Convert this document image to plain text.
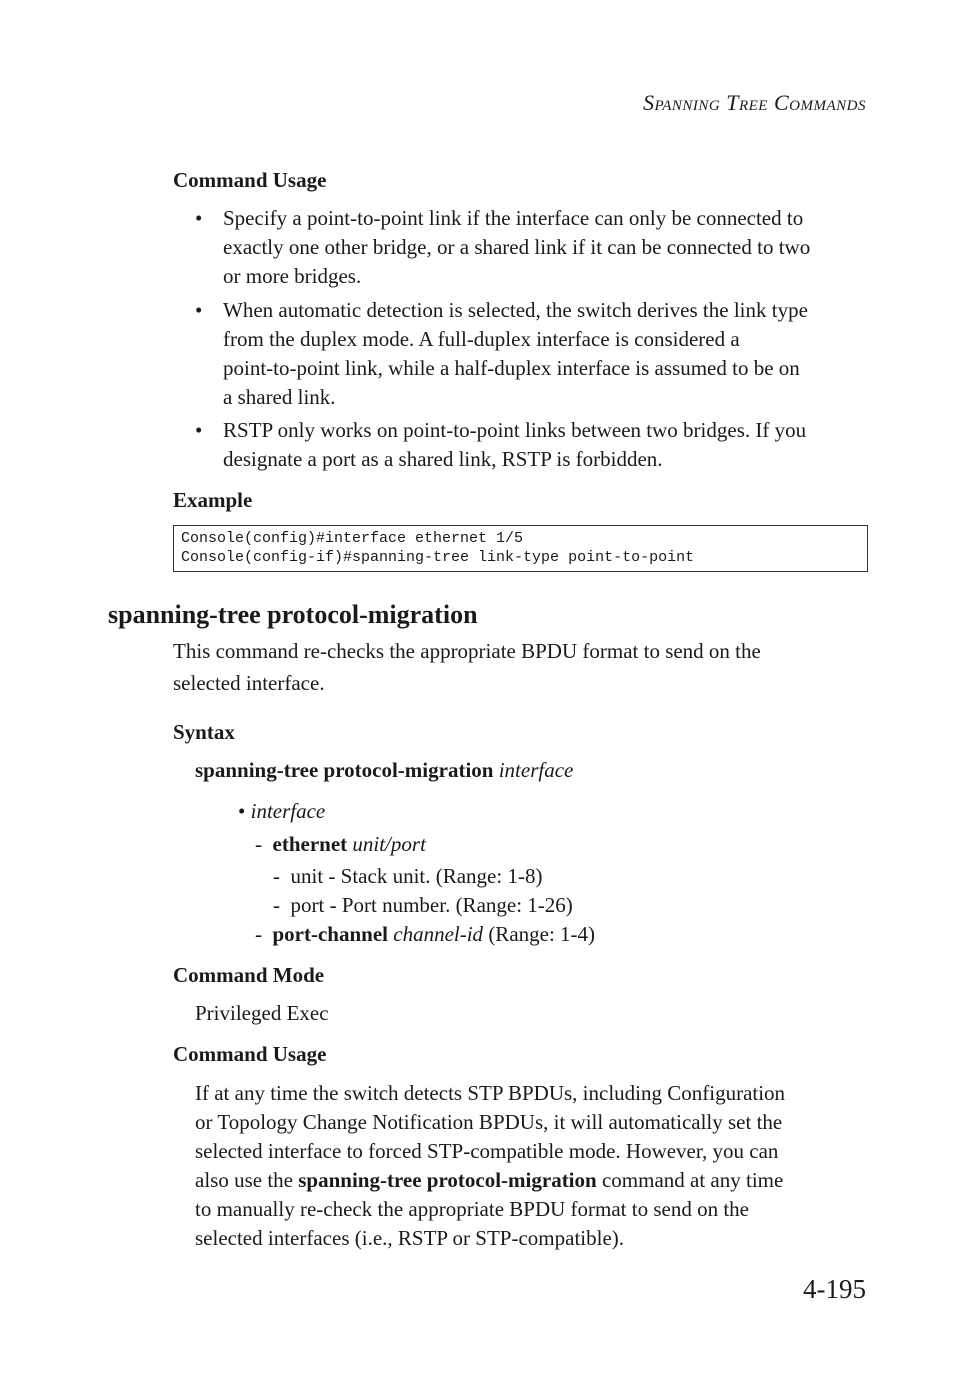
SPANNING TREE COMMANDS
Command Usage
• Specify a point-to-point link if the interface can only be connected to
exactly one other bridge, or a shared link if it can be connected to two
or more bridges.
• When automatic detection is selected, the switch derives the link type
from the duplex mode. A full-duplex interface is considered a
point-to-point link, while a half-duplex interface is assumed to be on
a shared link.
• RSTP only works on point-to-point links between two bridges. If you
designate a port as a shared link, RSTP is forbidden.
Example
Console(config)#interface ethernet 1/5
Console(config-if)#spanning-tree link-type point-to-point
spanning-tree protocol-migration
This command re-checks the appropriate BPDU format to send on the
selected interface.
Syntax
spanning-tree protocol-migration interface
• interface
- ethernet unit/port
- unit - Stack unit. (Range: 1-8)
- port - Port number. (Range: 1-26)
- port-channel channel-id (Range: 1-4)
Command Mode
Privileged Exec
Command Usage
If at any time the switch detects STP BPDUs, including Configuration
or Topology Change Notification BPDUs, it will automatically set the
selected interface to forced STP-compatible mode. However, you can
also use the spanning-tree protocol-migration command at any time
to manually re-check the appropriate BPDU format to send on the
selected interfaces (i.e., RSTP or STP-compatible).
4-195
